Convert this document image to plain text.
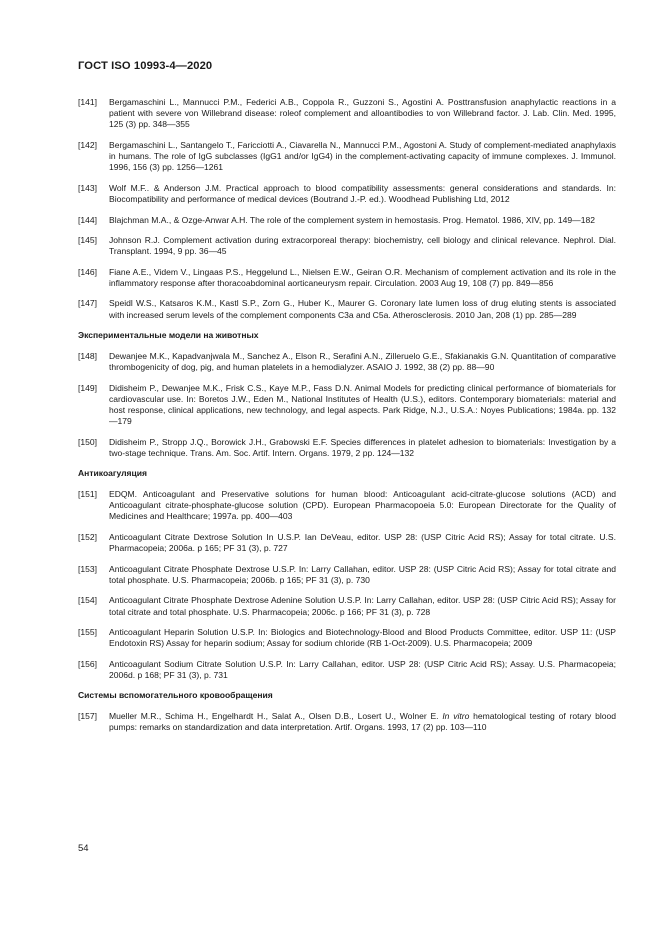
ГОСТ ISO 10993-4—2020
[141] Bergamaschini L., Mannucci P.M., Federici A.B., Coppola R., Guzzoni S., Agostini A. Posttransfusion anaphylactic reactions in a patient with severe von Willebrand disease: roleof complement and alloantibodies to von Willebrand factor. J. Lab. Clin. Med. 1995, 125 (3) pp. 348—355
[142] Bergamaschini L., Santangelo T., Faricciotti A., Ciavarella N., Mannucci P.M., Agostoni A. Study of complement-mediated anaphylaxis in humans. The role of IgG subclasses (IgG1 and/or IgG4) in the complement-activating capacity of immune complexes. J. Immunol. 1996, 156 (3) pp. 1256—1261
[143] Wolf M.F.. & Anderson J.M. Practical approach to blood compatibility assessments: general considerations and standards. In: Biocompatibility and performance of medical devices (Boutrand J.-P. ed.). Woodhead Publishing Ltd, 2012
[144] Blajchman M.A., & Ozge-Anwar A.H. The role of the complement system in hemostasis. Prog. Hematol. 1986, XIV, pp. 149—182
[145] Johnson R.J. Complement activation during extracorporeal therapy: biochemistry, cell biology and clinical relevance. Nephrol. Dial. Transplant. 1994, 9 pp. 36—45
[146] Fiane A.E., Videm V., Lingaas P.S., Heggelund L., Nielsen E.W., Geiran O.R. Mechanism of complement activation and its role in the inflammatory response after thoracoabdominal aorticaneurysm repair. Circulation. 2003 Aug 19, 108 (7) pp. 849—856
[147] Speidl W.S., Katsaros K.M., Kastl S.P., Zorn G., Huber K., Maurer G. Coronary late lumen loss of drug eluting stents is associated with increased serum levels of the complement components C3a and C5a. Atherosclerosis. 2010 Jan, 208 (1) pp. 285—289
Экспериментальные модели на животных
[148] Dewanjee M.K., Kapadvanjwala M., Sanchez A., Elson R., Serafini A.N., Zilleruelo G.E., Sfakianakis G.N. Quantitation of comparative thrombogenicity of dog, pig, and human platelets in a hemodialyzer. ASAIO J. 1992, 38 (2) pp. 88—90
[149] Didisheim P., Dewanjee M.K., Frisk C.S., Kaye M.P., Fass D.N. Animal Models for predicting clinical performance of biomaterials for cardiovascular use. In: Boretos J.W., Eden M., National Institutes of Health (U.S.), editors. Contemporary biomaterials: material and host response, clinical applications, new technology, and legal aspects. Park Ridge, N.J., U.S.A.: Noyes Publications; 1984a. pp. 132—179
[150] Didisheim P., Stropp J.Q., Borowick J.H., Grabowski E.F. Species differences in platelet adhesion to biomaterials: Investigation by a two-stage technique. Trans. Am. Soc. Artif. Intern. Organs. 1979, 2 pp. 124—132
Антикоагуляция
[151] EDQM. Anticoagulant and Preservative solutions for human blood: Anticoagulant acid-citrate-glucose solutions (ACD) and Anticoagulant citrate-phosphate-glucose solution (CPD). European Pharmacopoeia 5.0: European Directorate for the Quality of Medicines and Healthcare; 1997a. pp. 400—403
[152] Anticoagulant Citrate Dextrose Solution In U.S.P. Ian DeVeau, editor. USP 28: (USP Citric Acid RS); Assay for total citrate. U.S. Pharmacopeia; 2006a. p 165; PF 31 (3), p. 727
[153] Anticoagulant Citrate Phosphate Dextrose U.S.P. In: Larry Callahan, editor. USP 28: (USP Citric Acid RS); Assay for total citrate and total phosphate. U.S. Pharmacopeia; 2006b. p 165; PF 31 (3), p. 730
[154] Anticoagulant Citrate Phosphate Dextrose Adenine Solution U.S.P. In: Larry Callahan, editor. USP 28: (USP Citric Acid RS); Assay for total citrate and total phosphate. U.S. Pharmacopeia; 2006c. p 166; PF 31 (3), p. 728
[155] Anticoagulant Heparin Solution U.S.P. In: Biologics and Biotechnology-Blood and Blood Products Committee, editor. USP 11: (USP Endotoxin RS) Assay for heparin sodium; Assay for sodium chloride (RB 1-Oct-2009). U.S. Pharmacopeia; 2009
[156] Anticoagulant Sodium Citrate Solution U.S.P. In: Larry Callahan, editor. USP 28: (USP Citric Acid RS); Assay. U.S. Pharmacopeia; 2006d. p 168; PF 31 (3), p. 731
Системы вспомогательного кровообращения
[157] Mueller M.R., Schima H., Engelhardt H., Salat A., Olsen D.B., Losert U., Wolner E. In vitro hematological testing of rotary blood pumps: remarks on standardization and data interpretation. Artif. Organs. 1993, 17 (2) pp. 103—110
54
